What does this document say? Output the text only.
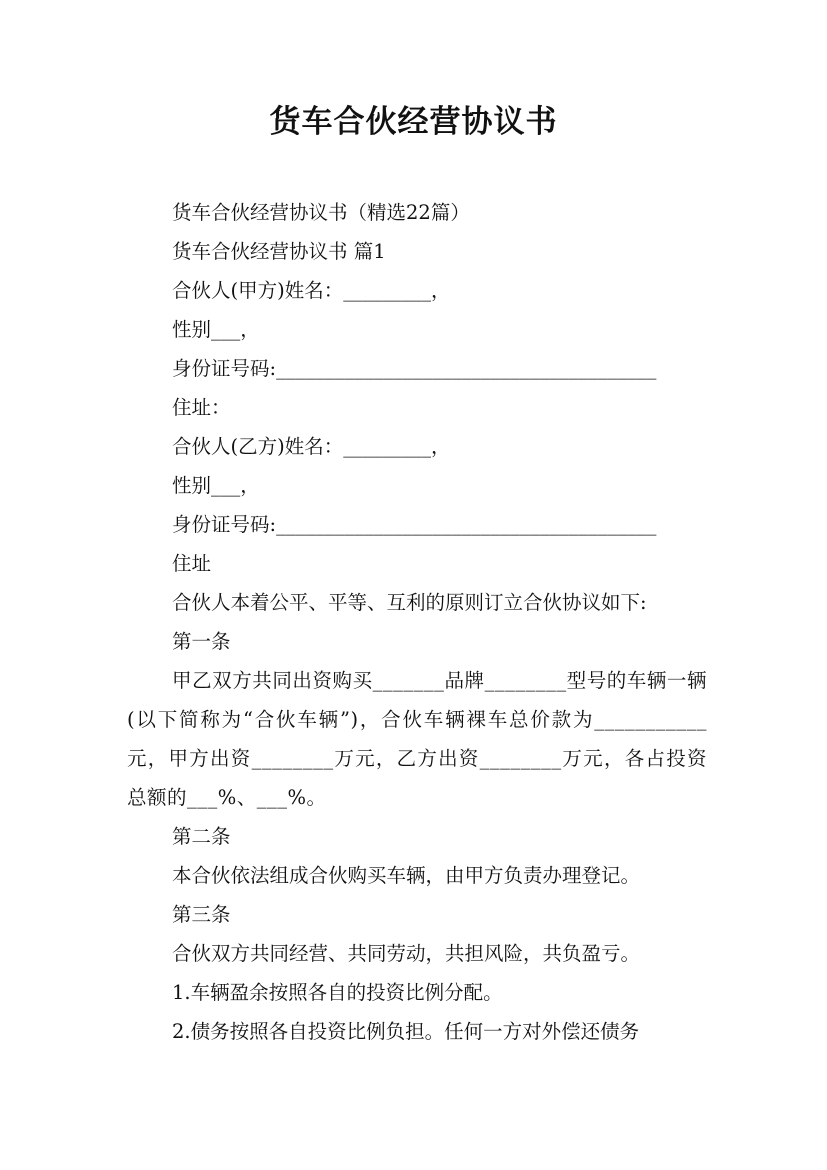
货车合伙经营协议书
货车合伙经营协议书（精选22篇）
货车合伙经营协议书 篇1
合伙人(甲方)姓名：_________，
性别___，
身份证号码:_______________________________________
住址：
合伙人(乙方)姓名：_________，
性别___，
身份证号码:_______________________________________
住址
合伙人本着公平、平等、互利的原则订立合伙协议如下:
第一条
甲乙双方共同出资购买_______品牌________型号的车辆一辆(以下简称为“合伙车辆”)，合伙车辆裸车总价款为___________元，甲方出资________万元，乙方出资________万元，各占投资总额的___%、___%。
第二条
本合伙依法组成合伙购买车辆，由甲方负责办理登记。
第三条
合伙双方共同经营、共同劳动，共担风险，共负盈亏。
1.车辆盈余按照各自的投资比例分配。
2.债务按照各自投资比例负担。任何一方对外偿还债务
